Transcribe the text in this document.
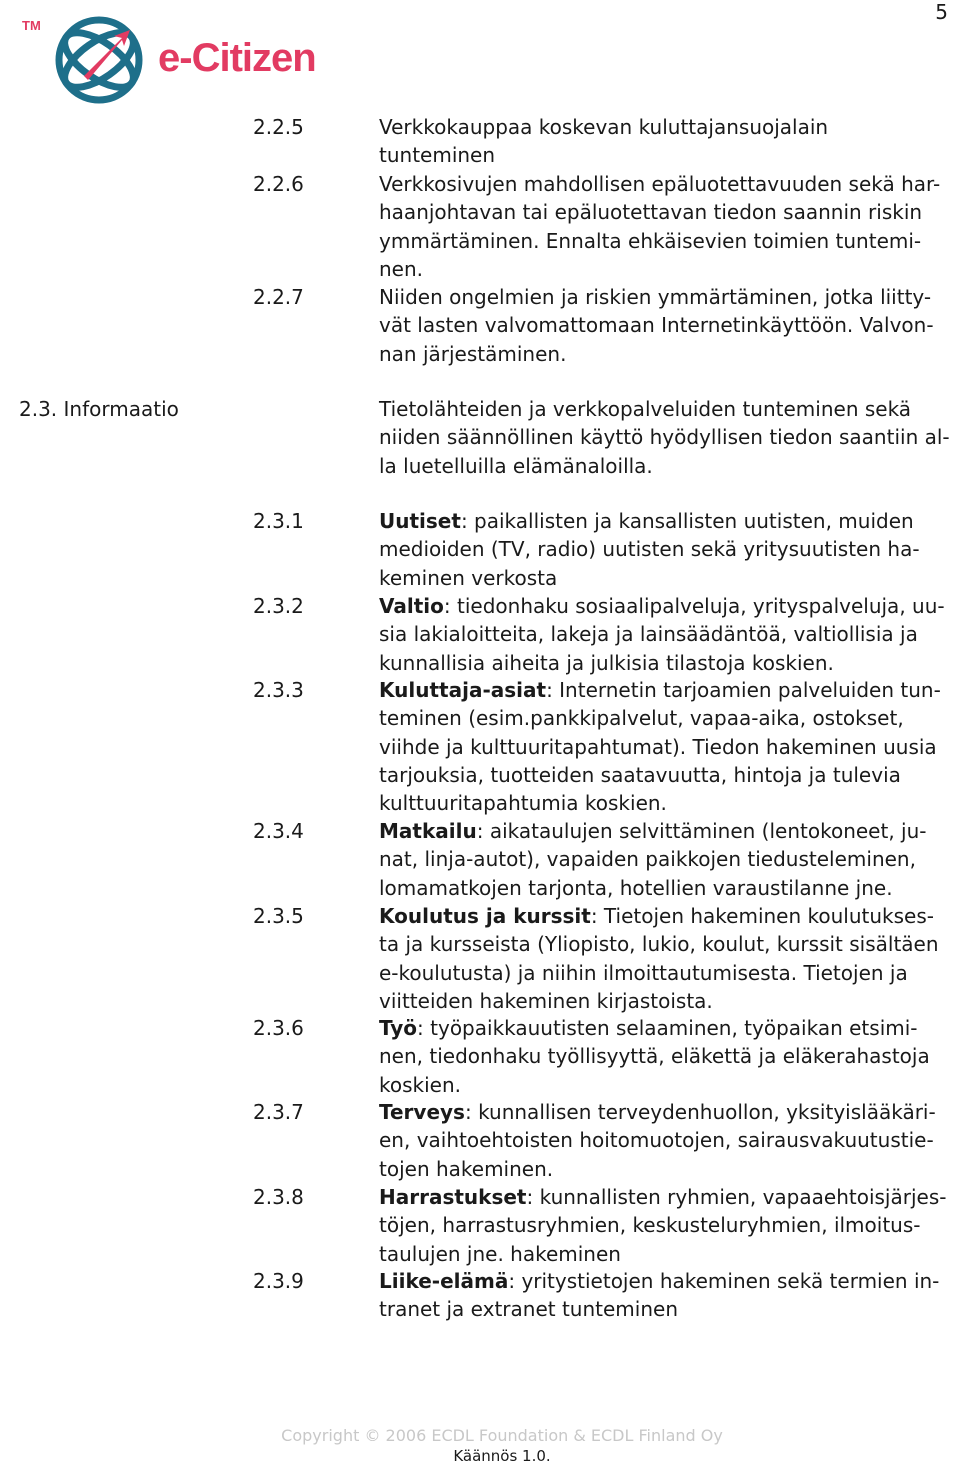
5
TM
e-Citizen
2.2.5	Verkkokauppaa koskevan kuluttajansuojalain
tunteminen
2.2.6	Verkkosivujen mahdollisen epäluotettavuuden sekä har-
haanjohtavan tai epäluotettavan tiedon saannin riskin
ymmärtäminen. Ennalta ehkäisevien toimien tuntemi-
nen.
2.2.7	Niiden ongelmien ja riskien ymmärtäminen, jotka liitty-
vät lasten valvomattomaan Internetinkäyttöön. Valvon-
nan järjestäminen.
2.3. Informaatio	Tietolähteiden ja verkkopalveluiden tunteminen sekä
niiden säännöllinen käyttö hyödyllisen tiedon saantiin al-
la luetelluilla elämänaloilla.
2.3.1	Uutiset: paikallisten ja kansallisten uutisten, muiden
medioiden (TV, radio) uutisten sekä yritysuutisten ha-
keminen verkosta
2.3.2	Valtio: tiedonhaku sosiaalipalveluja, yrityspalveluja, uu-
sia lakialoitteita, lakeja ja lainsäädäntöä, valtiollisia ja
kunnallisia aiheita ja julkisia tilastoja koskien.
2.3.3	Kuluttaja-asiat: Internetin tarjoamien palveluiden tun-
teminen (esim.pankkipalvelut, vapaa-aika, ostokset,
viihde ja kulttuuritapahtumat). Tiedon hakeminen uusia
tarjouksia, tuotteiden saatavuutta, hintoja ja tulevia
kulttuuritapahtumia koskien.
2.3.4	Matkailu: aikataulujen selvittäminen (lentokoneet, ju-
nat, linja-autot), vapaiden paikkojen tiedusteleminen,
lomamatkojen tarjonta, hotellien varaustilanne jne.
2.3.5	Koulutus ja kurssit: Tietojen hakeminen koulutukses-
ta ja kursseista (Yliopisto, lukio, koulut, kurssit sisältäen
e-koulutusta) ja niihin ilmoittautumisesta. Tietojen ja
viitteiden hakeminen kirjastoista.
2.3.6	Työ: työpaikkauutisten selaaminen, työpaikan etsimi-
nen, tiedonhaku työllisyyttä, eläkettä ja eläkerahastoja
koskien.
2.3.7	Terveys: kunnallisen terveydenhuollon, yksityislääkäri-
en, vaihtoehtoisten hoitomuotojen, sairausvakuutustie-
tojen hakeminen.
2.3.8	Harrastukset: kunnallisten ryhmien, vapaaehtoisjärjes-
töjen, harrastusryhmien, keskusteluryhmien, ilmoitus-
taulujen jne. hakeminen
2.3.9	Liike-elämä: yritystietojen hakeminen sekä termien in-
tranet ja extranet tunteminen
Copyright © 2006 ECDL Foundation & ECDL Finland Oy
Käännös 1.0.
